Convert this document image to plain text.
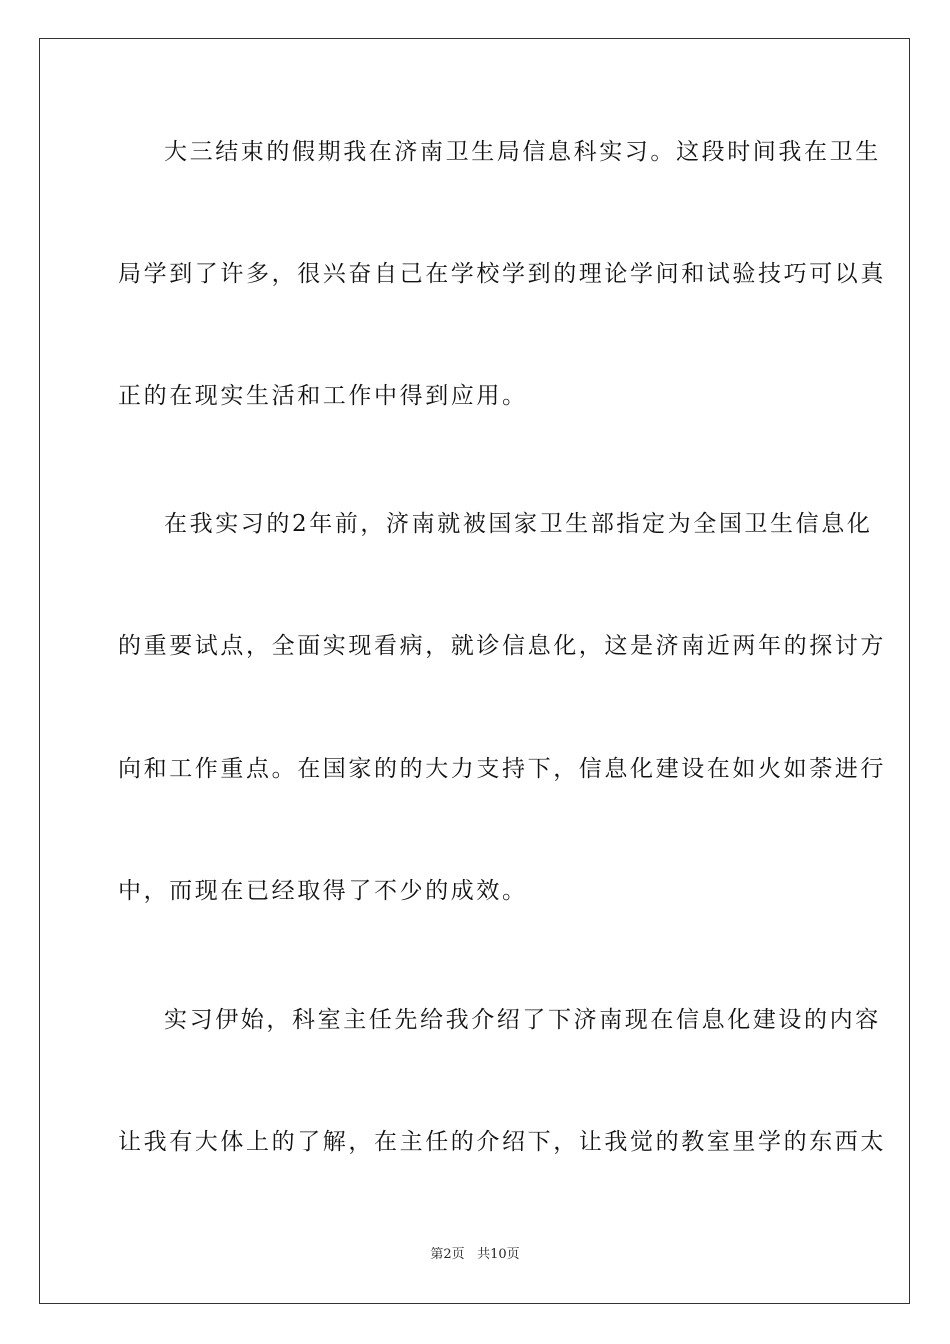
大三结束的假期我在济南卫生局信息科实习。这段时间我在卫生

局学到了许多，很兴奋自己在学校学到的理论学问和试验技巧可以真

正的在现实生活和工作中得到应用。

在我实习的2年前，济南就被国家卫生部指定为全国卫生信息化

的重要试点，全面实现看病，就诊信息化，这是济南近两年的探讨方

向和工作重点。在国家的的大力支持下，信息化建设在如火如荼进行

中，而现在已经取得了不少的成效。

实习伊始，科室主任先给我介绍了下济南现在信息化建设的内容

让我有大体上的了解，在主任的介绍下，让我觉的教室里学的东西太

第2页 共10页
